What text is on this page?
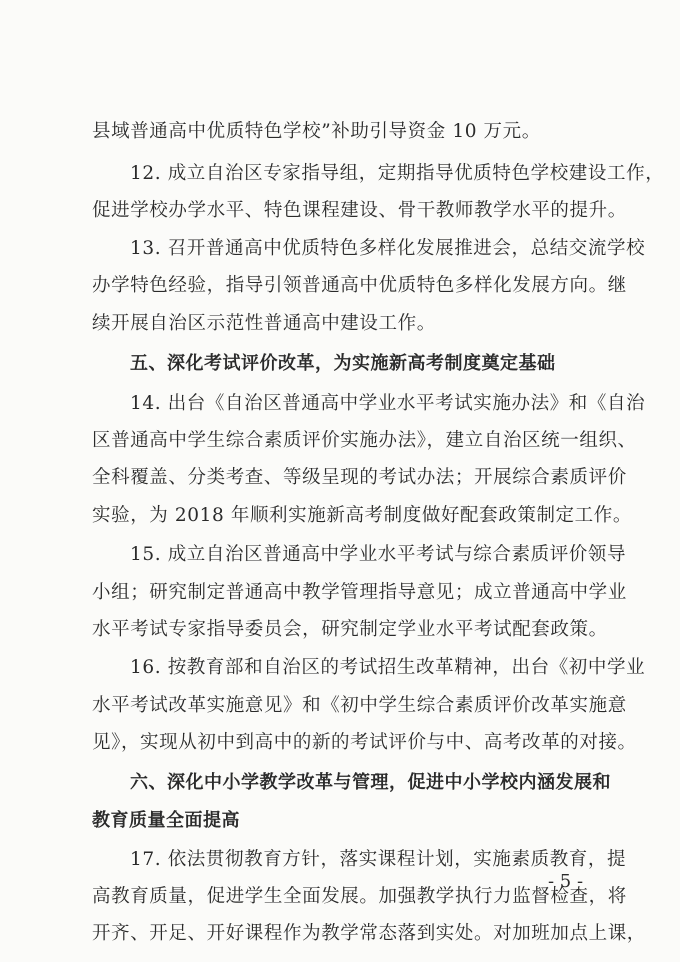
县域普通高中优质特色学校”补助引导资金 10 万元。
12. 成立自治区专家指导组，定期指导优质特色学校建设工作，
促进学校办学水平、特色课程建设、骨干教师教学水平的提升。
13. 召开普通高中优质特色多样化发展推进会，总结交流学校
办学特色经验，指导引领普通高中优质特色多样化发展方向。继
续开展自治区示范性普通高中建设工作。
五、深化考试评价改革，为实施新高考制度奠定基础
14. 出台《自治区普通高中学业水平考试实施办法》和《自治
区普通高中学生综合素质评价实施办法》，建立自治区统一组织、
全科覆盖、分类考查、等级呈现的考试办法；开展综合素质评价
实验，为 2018 年顺利实施新高考制度做好配套政策制定工作。
15. 成立自治区普通高中学业水平考试与综合素质评价领导
小组；研究制定普通高中教学管理指导意见；成立普通高中学业
水平考试专家指导委员会，研究制定学业水平考试配套政策。
16. 按教育部和自治区的考试招生改革精神，出台《初中学业
水平考试改革实施意见》和《初中学生综合素质评价改革实施意
见》，实现从初中到高中的新的考试评价与中、高考改革的对接。
六、深化中小学教学改革与管理，促进中小学校内涵发展和
教育质量全面提高
17. 依法贯彻教育方针，落实课程计划，实施素质教育，提
高教育质量，促进学生全面发展。加强教学执行力监督检查，将
开齐、开足、开好课程作为教学常态落到实处。对加班加点上课，
- 5 -
